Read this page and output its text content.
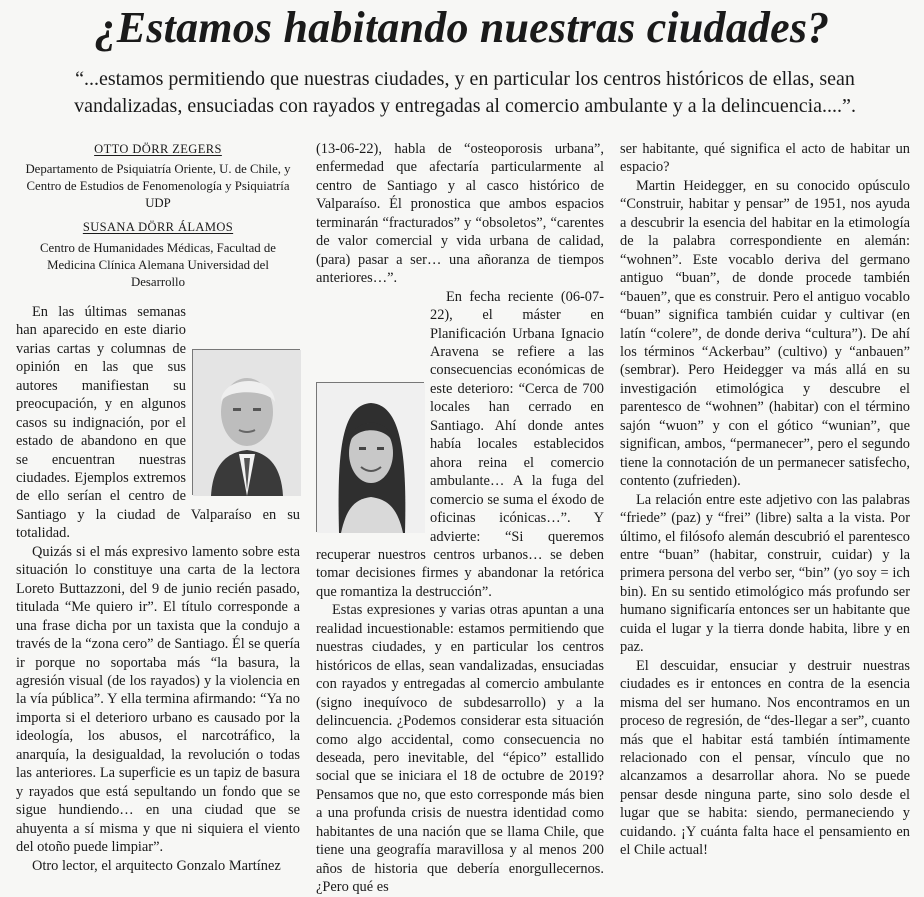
¿Estamos habitando nuestras ciudades?
“...estamos permitiendo que nuestras ciudades, y en particular los centros históricos de ellas, sean vandalizadas, ensuciadas con rayados y entregadas al comercio ambulante y a la delincuencia....”.

OTTO DÖRR ZEGERS

Departamento de Psiquiatría Oriente, U. de Chile, y Centro de Estudios de Fenomenología y Psiquiatría UDP

SUSANA DÖRR ÁLAMOS

Centro de Humanidades Médicas, Facultad de Medicina Clínica Alemana Universidad del Desarrollo

En las últimas semanas han aparecido en este diario varias cartas y columnas de opinión en las que sus autores manifiestan su preocupación, y en algunos casos su indignación, por el estado de abandono en que se encuentran nuestras ciudades. Ejemplos extremos de ello serían el centro de Santiago y la ciudad de Valparaíso en su totalidad.

Quizás si el más expresivo lamento sobre esta situación lo constituye una carta de la lectora Loreto Buttazzoni, del 9 de junio recién pasado, titulada “Me quiero ir”. El título corresponde a una frase dicha por un taxista que la condujo a través de la “zona cero” de Santiago. Él se quería ir porque no soportaba más “la basura, la agresión visual (de los rayados) y la violencia en la vía pública”. Y ella termina afirmando: “Ya no importa si el deterioro urbano es causado por la ideología, los abusos, el narcotráfico, la anarquía, la desigualdad, la revolución o todas las anteriores. La superficie es un tapiz de basura y rayados que está sepultando un fondo que se sigue hundiendo… en una ciudad que se ahuyenta a sí misma y que ni siquiera el viento del otoño puede limpiar”.

Otro lector, el arquitecto Gonzalo Martínez

(13-06-22), habla de “osteoporosis urbana”, enfermedad que afectaría particularmente al centro de Santiago y al casco histórico de Valparaíso. Él pronostica que ambos espacios terminarán “fracturados” y “obsoletos”, “carentes de valor comercial y vida urbana de calidad, (para) pasar a ser… una añoranza de tiempos anteriores…”.

En fecha reciente (06-07-22), el máster en Planificación Urbana Ignacio Aravena se refiere a las consecuencias económicas de este deterioro: “Cerca de 700 locales han cerrado en Santiago. Ahí donde antes había locales establecidos ahora reina el comercio ambulante… A la fuga del comercio se suma el éxodo de oficinas icónicas…”. Y advierte: “Si queremos recuperar nuestros centros urbanos… se deben tomar decisiones firmes y abandonar la retórica que romantiza la destrucción”.

Estas expresiones y varias otras apuntan a una realidad incuestionable: estamos permitiendo que nuestras ciudades, y en particular los centros históricos de ellas, sean vandalizadas, ensuciadas con rayados y entregadas al comercio ambulante (signo inequívoco de subdesarrollo) y a la delincuencia. ¿Podemos considerar esta situación como algo accidental, como consecuencia no deseada, pero inevitable, del “épico” estallido social que se iniciara el 18 de octubre de 2019? Pensamos que no, que esto corresponde más bien a una profunda crisis de nuestra identidad como habitantes de una nación que se llama Chile, que tiene una geografía maravillosa y al menos 200 años de historia que debería enorgullecernos. ¿Pero qué es

ser habitante, qué significa el acto de habitar un espacio?

Martin Heidegger, en su conocido opúsculo “Construir, habitar y pensar” de 1951, nos ayuda a descubrir la esencia del habitar en la etimología de la palabra correspondiente en alemán: “wohnen”. Este vocablo deriva del germano antiguo “buan”, de donde procede también “bauen”, que es construir. Pero el antiguo vocablo “buan” significa también cuidar y cultivar (en latín “colere”, de donde deriva “cultura”). De ahí los términos “Ackerbau” (cultivo) y “anbauen” (sembrar). Pero Heidegger va más allá en su investigación etimológica y descubre el parentesco de “wohnen” (habitar) con el término sajón “wuon” y con el gótico “wunian”, que significan, ambos, “permanecer”, pero el segundo tiene la connotación de un permanecer satisfecho, contento (zufrieden).

La relación entre este adjetivo con las palabras “friede” (paz) y “frei” (libre) salta a la vista. Por último, el filósofo alemán descubrió el parentesco entre “buan” (habitar, construir, cuidar) y la primera persona del verbo ser, “bin” (yo soy = ich bin). En su sentido etimológico más profundo ser humano significaría entonces ser un habitante que cuida el lugar y la tierra donde habita, libre y en paz.

El descuidar, ensuciar y destruir nuestras ciudades es ir entonces en contra de la esencia misma del ser humano. Nos encontramos en un proceso de regresión, de “des-llegar a ser”, cuanto más que el habitar está también íntimamente relacionado con el pensar, vínculo que no alcanzamos a desarrollar ahora. No se puede pensar desde ninguna parte, sino solo desde el lugar que se habita: siendo, permaneciendo y cuidando. ¡Y cuánta falta hace el pensamiento en el Chile actual!
